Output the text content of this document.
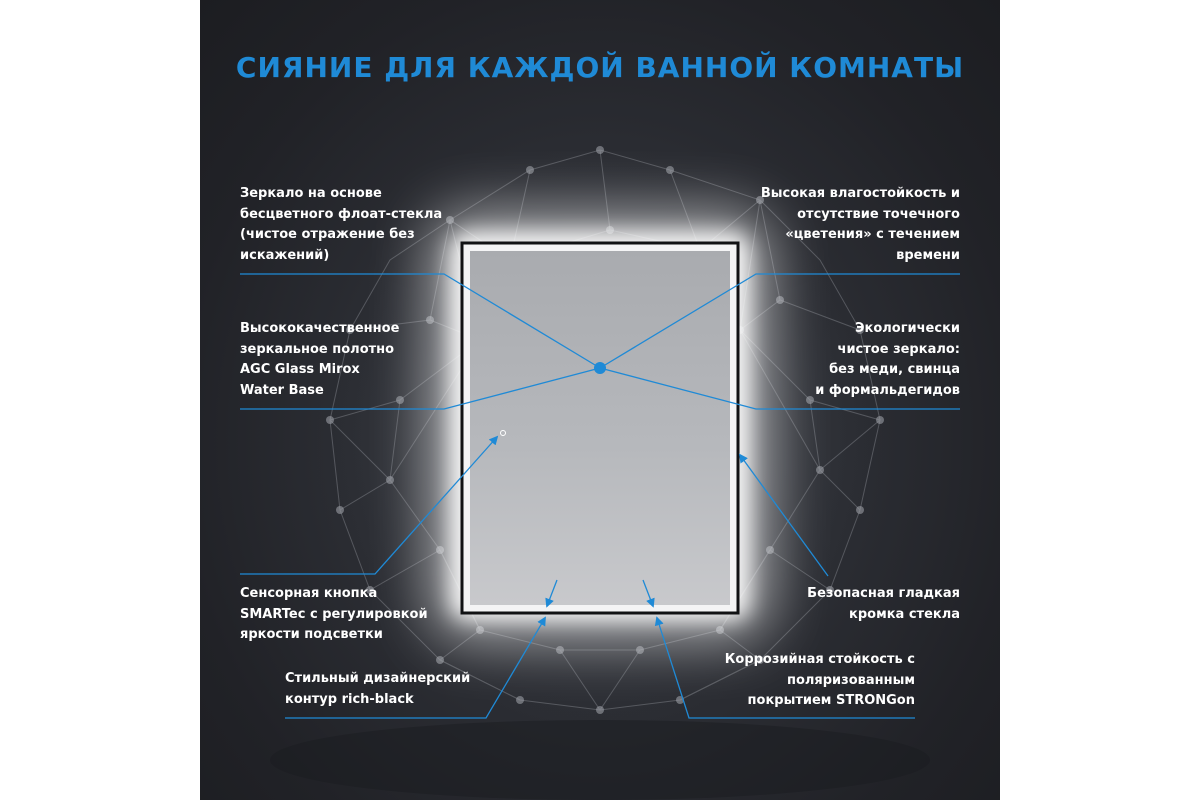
СИЯНИЕ ДЛЯ КАЖДОЙ ВАННОЙ КОМНАТЫ
Зеркало на основе
бесцветного флоат-стекла
(чистое отражение без
искажений)
Высокая влагостойкость и
отсутствие точечного
«цветения» с течением
времени
Высококачественное
зеркальное полотно
AGC Glass Mirox
Water Base
Экологически
чистое зеркало:
без меди, свинца
и формальдегидов
Сенсорная кнопка
SMARTec с регулировкой
яркости подсветки
Безопасная гладкая
кромка стекла
Стильный дизайнерский
контур rich-black
Коррозийная стойкость с
поляризованным
покрытием STRONGon
